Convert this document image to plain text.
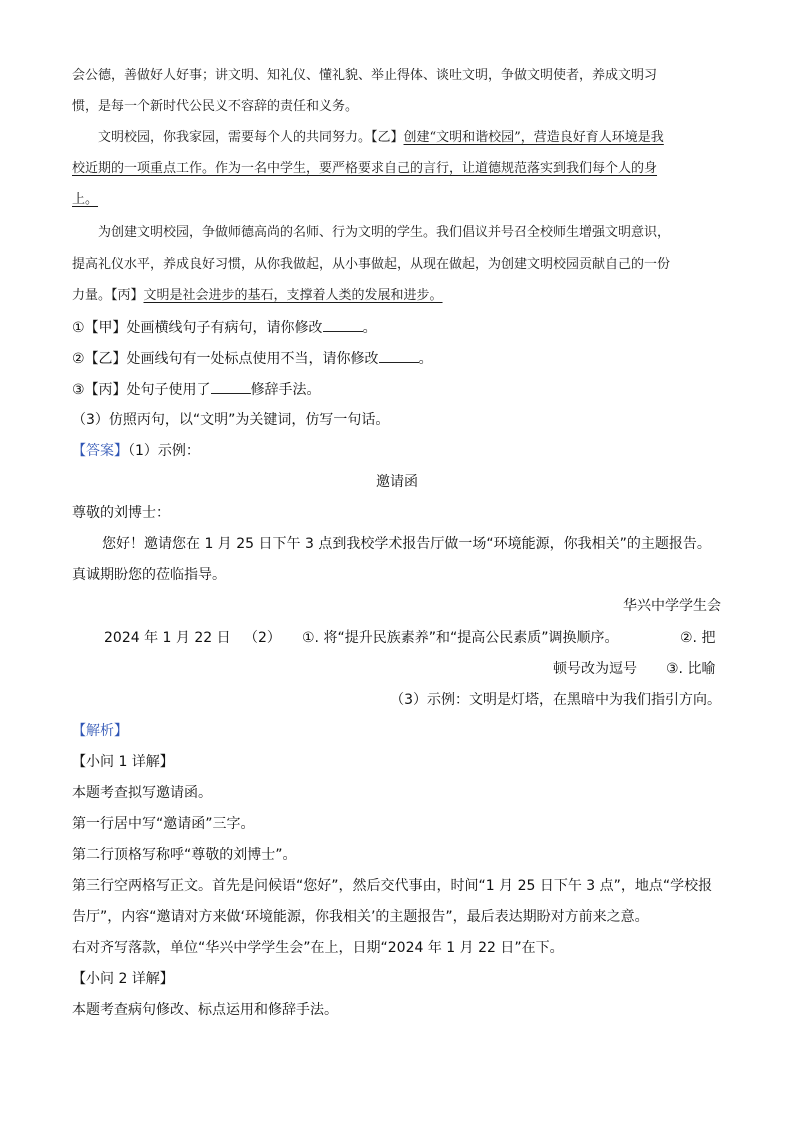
会公德，善做好人好事；讲文明、知礼仪、懂礼貌、举止得体、谈吐文明，争做文明使者，养成文明习
惯，是每一个新时代公民义不容辞的责任和义务。
文明校园，你我家园，需要每个人的共同努力。【乙】创建“文明和谐校园”，营造良好育人环境是我
校近期的一项重点工作。作为一名中学生，要严格要求自己的言行，让道德规范落实到我们每个人的身
上。
为创建文明校园，争做师德高尚的名师、行为文明的学生。我们倡议并号召全校师生增强文明意识，
提高礼仪水平，养成良好习惯，从你我做起，从小事做起，从现在做起，为创建文明校园贡献自己的一份
力量。【丙】文明是社会进步的基石，支撑着人类的发展和进步。
①【甲】处画横线句子有病句，请你修改	。
②【乙】处画线句有一处标点使用不当，请你修改	。
③【丙】处句子使用了	修辞手法。
（3）仿照丙句，以“文明”为关键词，仿写一句话。
【答案】（1）示例：
邀请函
尊敬的刘博士：
您好！邀请您在 1 月 25 日下午 3 点到我校学术报告厅做一场“环境能源，你我相关”的主题报告。
真诚期盼您的莅临指导。
华兴中学学生会
2024 年 1 月 22 日 （2） ①. 将“提升民族素养”和“提高公民素质”调换顺序。	②. 把
顿号改为逗号 ③. 比喻
（3）示例：文明是灯塔，在黑暗中为我们指引方向。
【解析】
【小问 1 详解】
本题考查拟写邀请函。
第一行居中写“邀请函”三字。
第二行顶格写称呼“尊敬的刘博士”。
第三行空两格写正文。首先是问候语“您好”，然后交代事由，时间“1 月 25 日下午 3 点”，地点“学校报
告厅”，内容“邀请对方来做‘环境能源，你我相关’的主题报告”，最后表达期盼对方前来之意。
右对齐写落款，单位“华兴中学学生会”在上，日期“2024 年 1 月 22 日”在下。
【小问 2 详解】
本题考查病句修改、标点运用和修辞手法。
